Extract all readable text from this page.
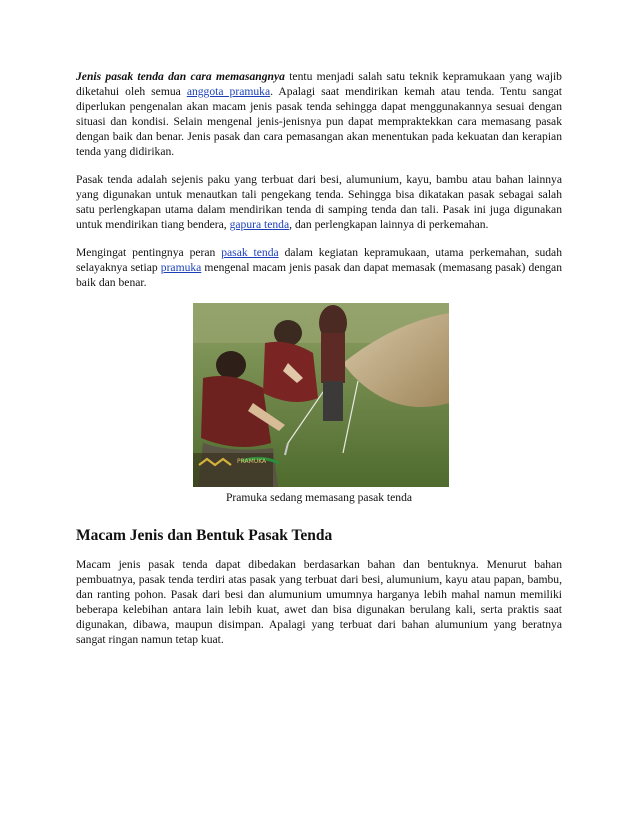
Jenis pasak tenda dan cara memasangnya tentu menjadi salah satu teknik kepramukaan yang wajib diketahui oleh semua anggota pramuka. Apalagi saat mendirikan kemah atau tenda. Tentu sangat diperlukan pengenalan akan macam jenis pasak tenda sehingga dapat menggunakannya sesuai dengan situasi dan kondisi. Selain mengenal jenis-jenisnya pun dapat mempraktekkan cara memasang pasak dengan baik dan benar. Jenis pasak dan cara pemasangan akan menentukan pada kekuatan dan kerapian tenda yang didirikan.

Pasak tenda adalah sejenis paku yang terbuat dari besi, alumunium, kayu, bambu atau bahan lainnya yang digunakan untuk menautkan tali pengekang tenda. Sehingga bisa dikatakan pasak sebagai salah satu perlengkapan utama dalam mendirikan tenda di samping tenda dan tali. Pasak ini juga digunakan untuk mendirikan tiang bendera, gapura tenda, dan perlengkapan lainnya di perkemahan.

Mengingat pentingnya peran pasak tenda dalam kegiatan kepramukaan, utama perkemahan, sudah selayaknya setiap pramuka mengenal macam jenis pasak dan dapat memasak (memasang pasak) dengan baik dan benar.

PRAMUKA
Pramuka sedang memasang pasak tenda
Macam Jenis dan Bentuk Pasak Tenda

Macam jenis pasak tenda dapat dibedakan berdasarkan bahan dan bentuknya. Menurut bahan pembuatnya, pasak tenda terdiri atas pasak yang terbuat dari besi, alumunium, kayu atau papan, bambu, dan ranting pohon. Pasak dari besi dan alumunium umumnya harganya lebih mahal namun memiliki beberapa kelebihan antara lain lebih kuat, awet dan bisa digunakan berulang kali, serta praktis saat digunakan, dibawa, maupun disimpan. Apalagi yang terbuat dari bahan alumunium yang beratnya sangat ringan namun tetap kuat.
